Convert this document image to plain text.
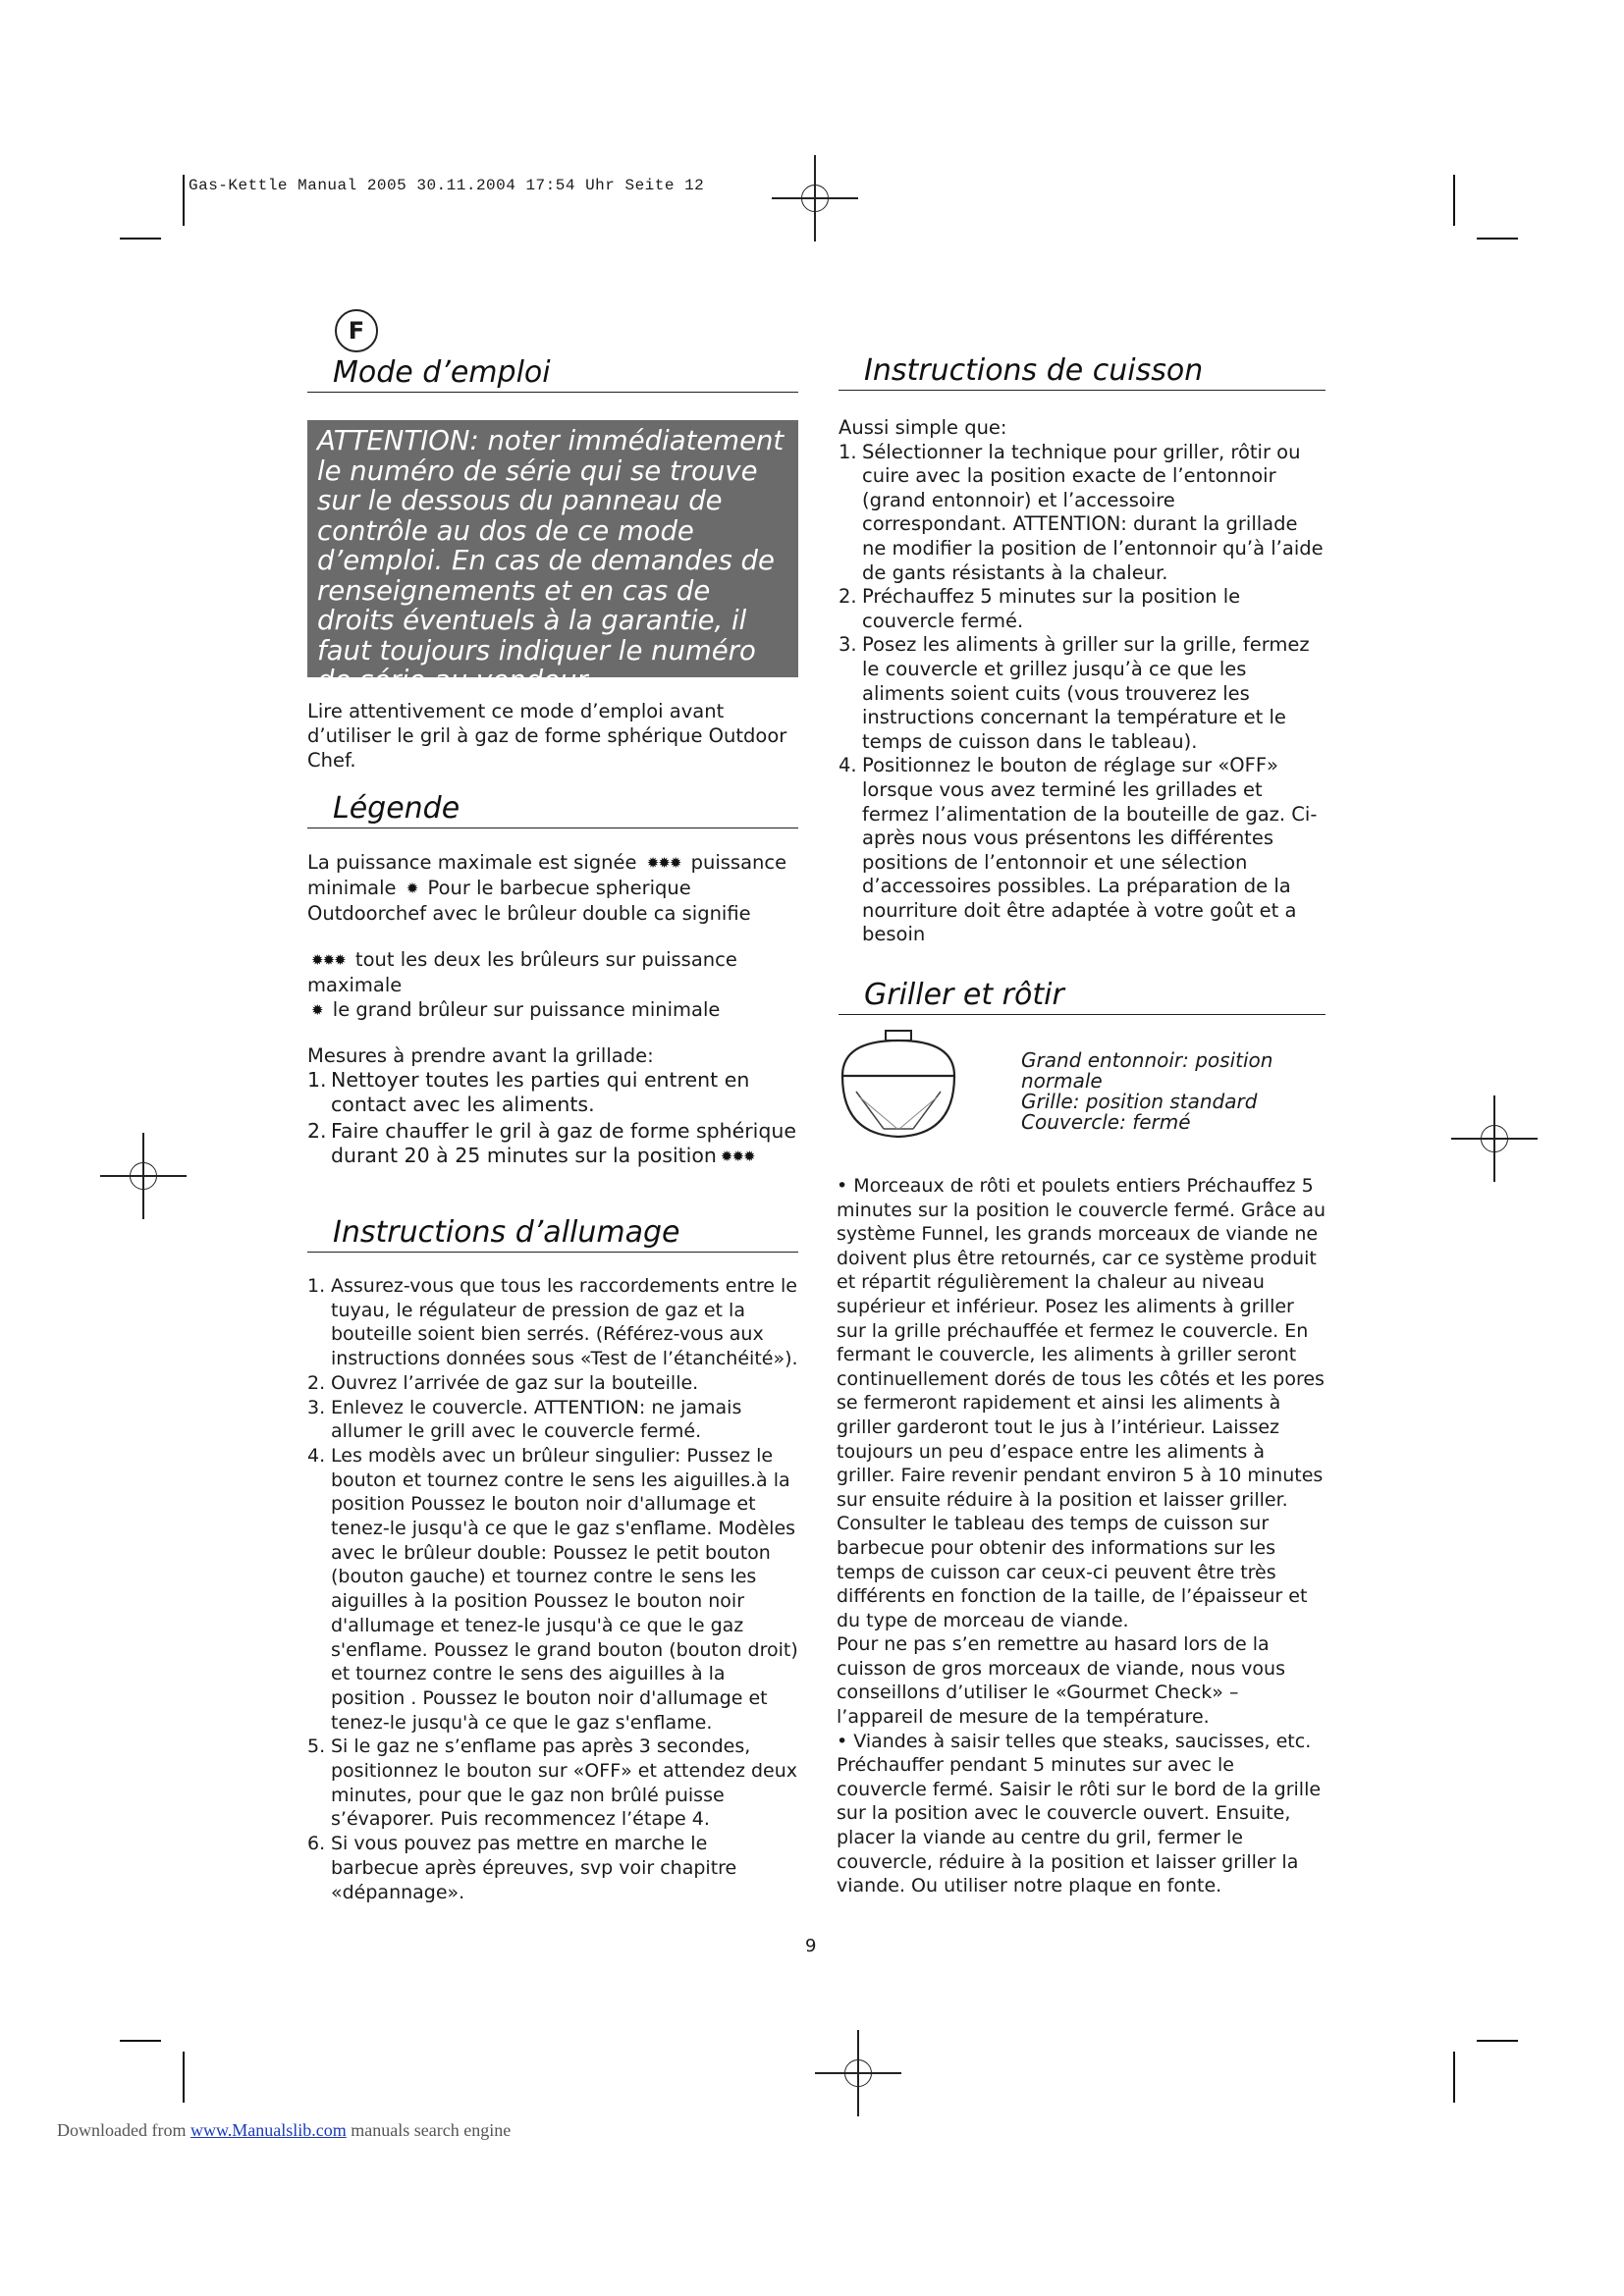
Gas-Kettle Manual 2005 30.11.2004 17:54 Uhr Seite 12
F
Mode d’emploi
ATTENTION: noter immédiatement le numéro de série qui se trouve sur le dessous du panneau de contrôle au dos de ce mode d’emploi. En cas de demandes de renseignements et en cas de droits éventuels à la garantie, il faut toujours indiquer le numéro de série au vendeur.

Lire attentivement ce mode d’emploi avant d’utiliser le gril à gaz de forme sphérique Outdoor Chef.

Légende

La puissance maximale est signée ✹✹✹ puissance minimale ✹ Pour le barbecue spherique Outdoorchef avec le brûleur double ca signifie

✹✹✹ tout les deux les brûleurs sur puissance maximale

✹ le grand brûleur sur puissance minimale

Mesures à prendre avant la grillade:

1. Nettoyer toutes les parties qui entrent en contact avec les aliments.
2. Faire chauffer le gril à gaz de forme sphérique durant 20 à 25 minutes sur la position ✹✹✹
Instructions d’allumage
1. Assurez-vous que tous les raccordements entre le tuyau, le régulateur de pression de gaz et la bouteille soient bien serrés. (Référez-vous aux instructions données sous «Test de l’étanchéité»).
2. Ouvrez l’arrivée de gaz sur la bouteille.
3. Enlevez le couvercle. ATTENTION: ne jamais allumer le grill avec le couvercle fermé.
4. Les modèls avec un brûleur singulier: Pussez le bouton et tournez contre le sens les aiguilles.à la position Poussez le bouton noir d'allumage et tenez-le jusqu'à ce que le gaz s'enflame. Modèles avec le brûleur double: Poussez le petit bouton (bouton gauche) et tournez contre le sens les aiguilles à la position Poussez le bouton noir d'allumage et tenez-le jusqu'à ce que le gaz s'enflame. Poussez le grand bouton (bouton droit) et tournez contre le sens des aiguilles à la position . Poussez le bouton noir d'allumage et tenez-le jusqu'à ce que le gaz s'enflame.
5. Si le gaz ne s’enflame pas après 3 secondes, positionnez le bouton sur «OFF» et attendez deux minutes, pour que le gaz non brûlé puisse s’évaporer. Puis recommencez l’étape 4.
6. Si vous pouvez pas mettre en marche le barbecue après épreuves, svp voir chapitre «dépannage».
Instructions de cuisson

Aussi simple que:

1. Sélectionner la technique pour griller, rôtir ou cuire avec la position exacte de l’entonnoir (grand entonnoir) et l’accessoire correspondant. ATTENTION: durant la grillade ne modifier la position de l’entonnoir qu’à l’aide de gants résistants à la chaleur.
2. Préchauffez 5 minutes sur la position le couvercle fermé.
3. Posez les aliments à griller sur la grille, fermez le couvercle et grillez jusqu’à ce que les aliments soient cuits (vous trouverez les instructions concernant la température et le temps de cuisson dans le tableau).
4. Positionnez le bouton de réglage sur «OFF» lorsque vous avez terminé les grillades et fermez l’alimentation de la bouteille de gaz. Ci-après nous vous présentons les différentes positions de l’entonnoir et une sélection d’accessoires possibles. La préparation de la nourriture doit être adaptée à votre goût et a besoin
Griller et rôtir
Grand entonnoir: position
normale
Grille: position standard
Couvercle: fermé

• Morceaux de rôti et poulets entiers Préchauffez 5 minutes sur la position le couvercle fermé. Grâce au système Funnel, les grands morceaux de viande ne doivent plus être retournés, car ce système produit et répartit régulièrement la chaleur au niveau supérieur et inférieur. Posez les aliments à griller sur la grille préchauffée et fermez le couvercle. En fermant le couvercle, les aliments à griller seront continuellement dorés de tous les côtés et les pores se fermeront rapidement et ainsi les aliments à griller garderont tout le jus à l’intérieur. Laissez toujours un peu d’espace entre les aliments à griller. Faire revenir pendant environ 5 à 10 minutes sur ensuite réduire à la position et laisser griller.

Consulter le tableau des temps de cuisson sur barbecue pour obtenir des informations sur les temps de cuisson car ceux-ci peuvent être très différents en fonction de la taille, de l’épaisseur et du type de morceau de viande.

Pour ne pas s’en remettre au hasard lors de la cuisson de gros morceaux de viande, nous vous conseillons d’utiliser le «Gourmet Check» – l’appareil de mesure de la température.

• Viandes à saisir telles que steaks, saucisses, etc. Préchauffer pendant 5 minutes sur avec le couvercle fermé. Saisir le rôti sur le bord de la grille sur la position avec le couvercle ouvert. Ensuite, placer la viande au centre du gril, fermer le couvercle, réduire à la position et laisser griller la viande. Ou utiliser notre plaque en fonte.

9
Downloaded from www.Manualslib.com manuals search engine
